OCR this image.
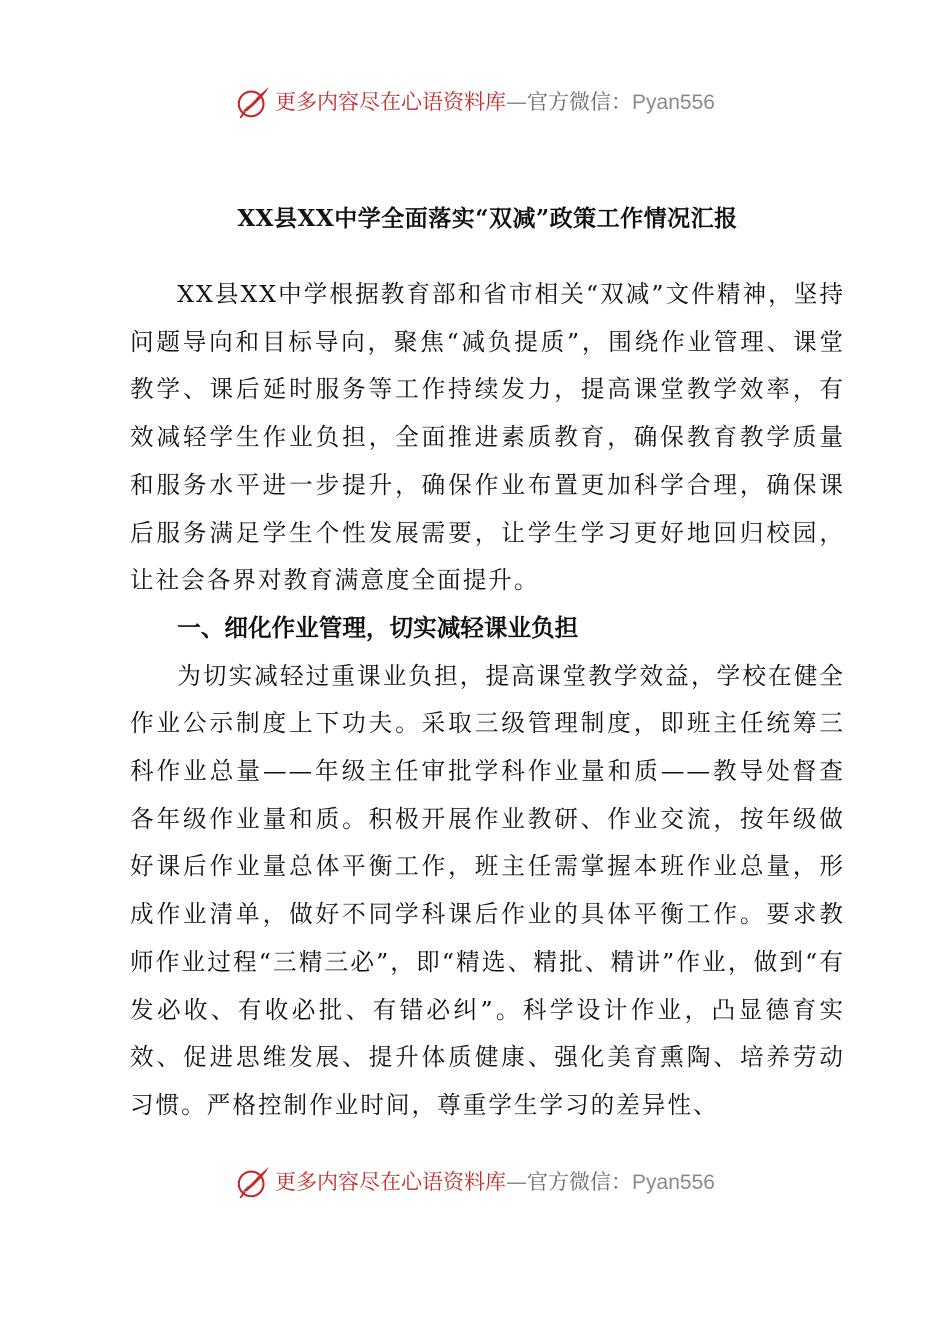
更多内容尽在心语资料库—官方微信：Pyan556
XX县XX中学全面落实“双减”政策工作情况汇报

XX县XX中学根据教育部和省市相关“双减”文件精神，坚持问题导向和目标导向，聚焦“减负提质”，围绕作业管理、课堂教学、课后延时服务等工作持续发力，提高课堂教学效率，有效减轻学生作业负担，全面推进素质教育，确保教育教学质量和服务水平进一步提升，确保作业布置更加科学合理，确保课后服务满足学生个性发展需要，让学生学习更好地回归校园，让社会各界对教育满意度全面提升。

一、细化作业管理，切实减轻课业负担

为切实减轻过重课业负担，提高课堂教学效益，学校在健全作业公示制度上下功夫。采取三级管理制度，即班主任统筹三科作业总量——年级主任审批学科作业量和质——教导处督查各年级作业量和质。积极开展作业教研、作业交流，按年级做好课后作业量总体平衡工作，班主任需掌握本班作业总量，形成作业清单，做好不同学科课后作业的具体平衡工作。要求教师作业过程“三精三必”，即“精选、精批、精讲”作业，做到“有发必收、有收必批、有错必纠”。科学设计作业，凸显德育实效、促进思维发展、提升体质健康、强化美育熏陶、培养劳动习惯。严格控制作业时间，尊重学生学习的差异性、

更多内容尽在心语资料库—官方微信：Pyan556
